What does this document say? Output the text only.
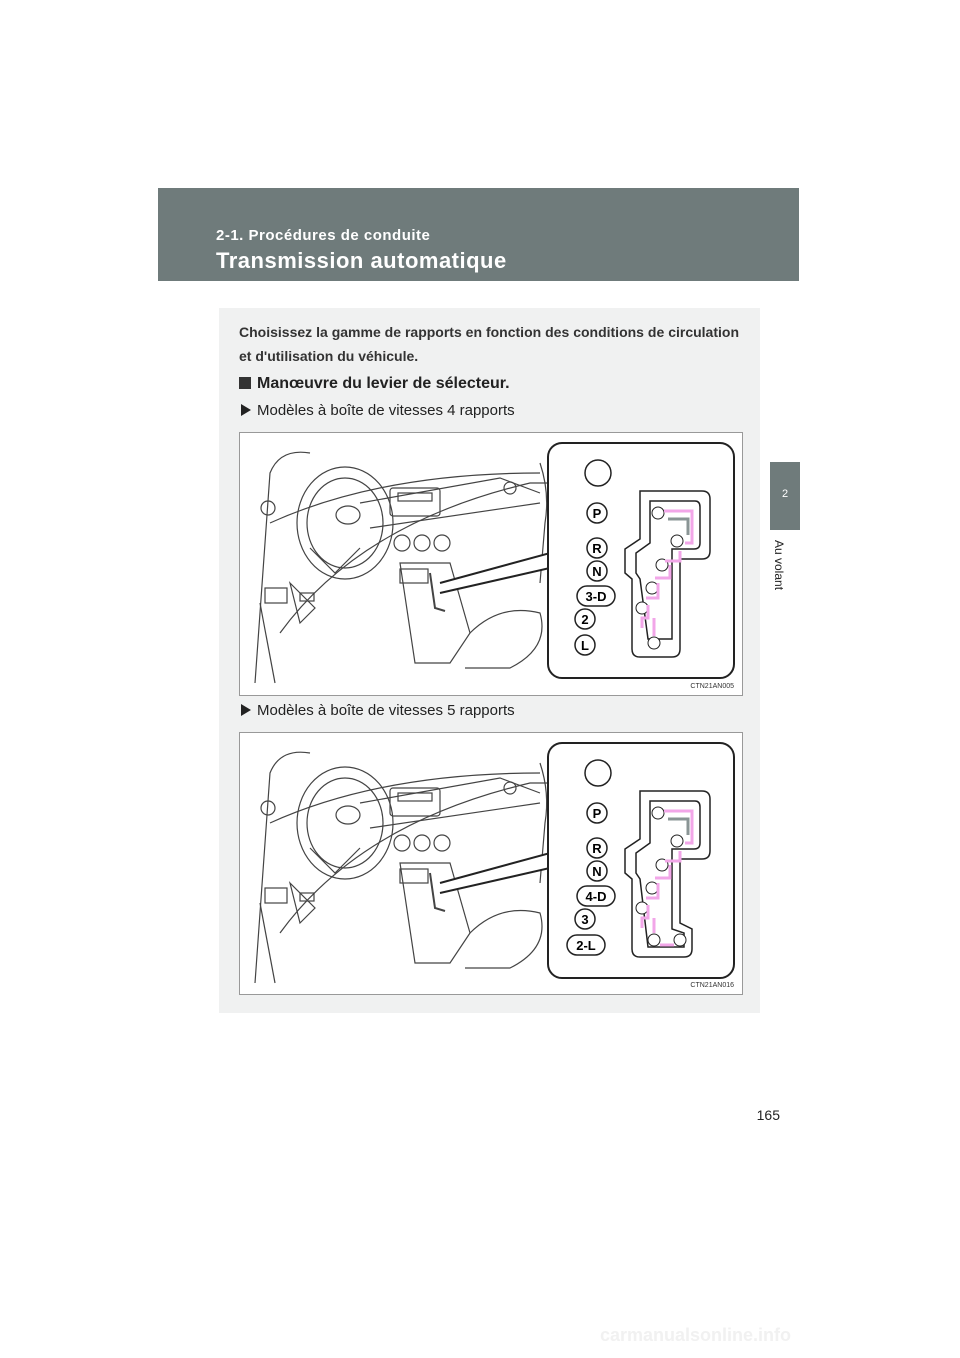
2-1. Procédures de conduite
Transmission automatique
2
Au volant
Choisissez la gamme de rapports en fonction des conditions de circulation et d'utilisation du véhicule.
Manœuvre du levier de sélecteur.
Modèles à boîte de vitesses 4 rapports
P
R
N
3-D
2
L
CTN21AN005
Modèles à boîte de vitesses 5 rapports
P
R
N
4-D
3
2-L
CTN21AN016
165
carmanualsonline.info
